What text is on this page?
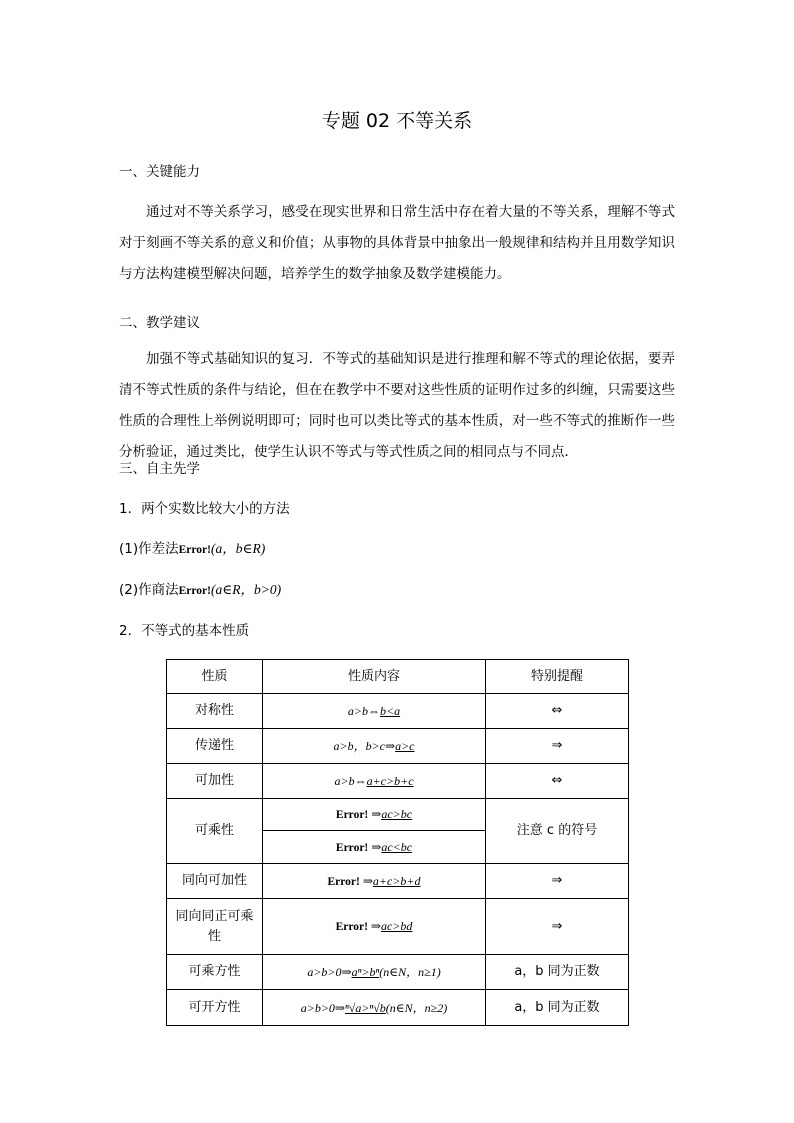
专题 02 不等关系
一、关键能力
通过对不等关系学习，感受在现实世界和日常生活中存在着大量的不等关系，理解不等式对于刻画不等关系的意义和价值；从事物的具体背景中抽象出一般规律和结构并且用数学知识与方法构建模型解决问题，培养学生的数学抽象及数学建模能力。
二、教学建议
加强不等式基础知识的复习．不等式的基础知识是进行推理和解不等式的理论依据，要弄清不等式性质的条件与结论，但在在教学中不要对这些性质的证明作过多的纠缠，只需要这些性质的合理性上举例说明即可；同时也可以类比等式的基本性质，对一些不等式的推断作一些分析验证，通过类比，使学生认识不等式与等式性质之间的相同点与不同点．
三、自主先学
1．两个实数比较大小的方法
(1)作差法Error!(a，b∈R)
(2)作商法Error!(a∈R，b>0)
2．不等式的基本性质
性质	性质内容	特别提醒
对称性	a>b⇔b<a	⇔
传递性	a>b，b>c⇒a>c	⇒
可加性	a>b⇔a+c>b+c	⇔
可乘性	Error! ⇒ac>bc	注意 c 的符号
	Error! ⇒ac<bc	
同向可加性	Error! ⇒a+c>b+d	⇒
同向同正可乘性	Error! ⇒ac>bd	⇒
可乘方性	a>b>0⇒aⁿ>bⁿ(n∈N，n≥1)	a，b 同为正数
可开方性	a>b>0⇒ⁿ√a>ⁿ√b(n∈N，n≥2)	a，b 同为正数
